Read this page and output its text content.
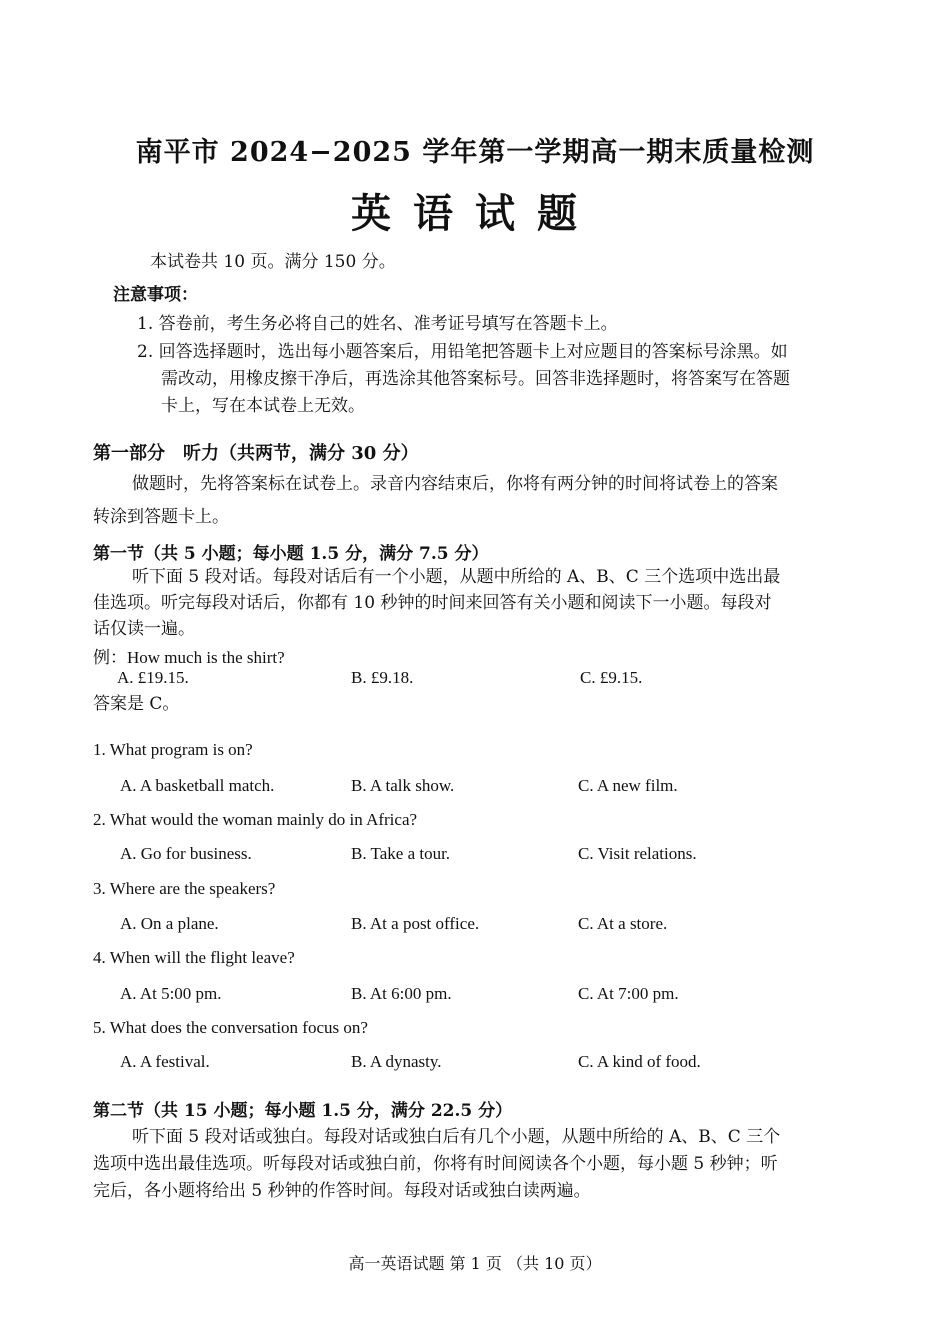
南平市 2024−2025 学年第一学期高一期末质量检测
英语试题
本试卷共 10 页。满分 150 分。
注意事项：
1. 答卷前，考生务必将自己的姓名、准考证号填写在答题卡上。
2. 回答选择题时，选出每小题答案后，用铅笔把答题卡上对应题目的答案标号涂黑。如
需改动，用橡皮擦干净后，再选涂其他答案标号。回答非选择题时，将答案写在答题
卡上，写在本试卷上无效。
第一部分　听力（共两节，满分 30 分）
做题时，先将答案标在试卷上。录音内容结束后，你将有两分钟的时间将试卷上的答案
转涂到答题卡上。
第一节（共 5 小题；每小题 1.5 分，满分 7.5 分）
听下面 5 段对话。每段对话后有一个小题，从题中所给的 A、B、C 三个选项中选出最
佳选项。听完每段对话后，你都有 10 秒钟的时间来回答有关小题和阅读下一小题。每段对
话仅读一遍。
例：How much is the shirt?
A. £19.15.	B. £9.18.	C. £9.15.
答案是 C。
1. What program is on?
A. A basketball match.	B. A talk show.	C. A new film.
2. What would the woman mainly do in Africa?
A. Go for business.	B. Take a tour.	C. Visit relations.
3. Where are the speakers?
A. On a plane.	B. At a post office.	C. At a store.
4. When will the flight leave?
A. At 5:00 pm.	B. At 6:00 pm.	C. At 7:00 pm.
5. What does the conversation focus on?
A. A festival.	B. A dynasty.	C. A kind of food.
第二节（共 15 小题；每小题 1.5 分，满分 22.5 分）
听下面 5 段对话或独白。每段对话或独白后有几个小题，从题中所给的 A、B、C 三个
选项中选出最佳选项。听每段对话或独白前，你将有时间阅读各个小题，每小题 5 秒钟；听
完后，各小题将给出 5 秒钟的作答时间。每段对话或独白读两遍。
高一英语试题 第 1 页 （共 10 页）
